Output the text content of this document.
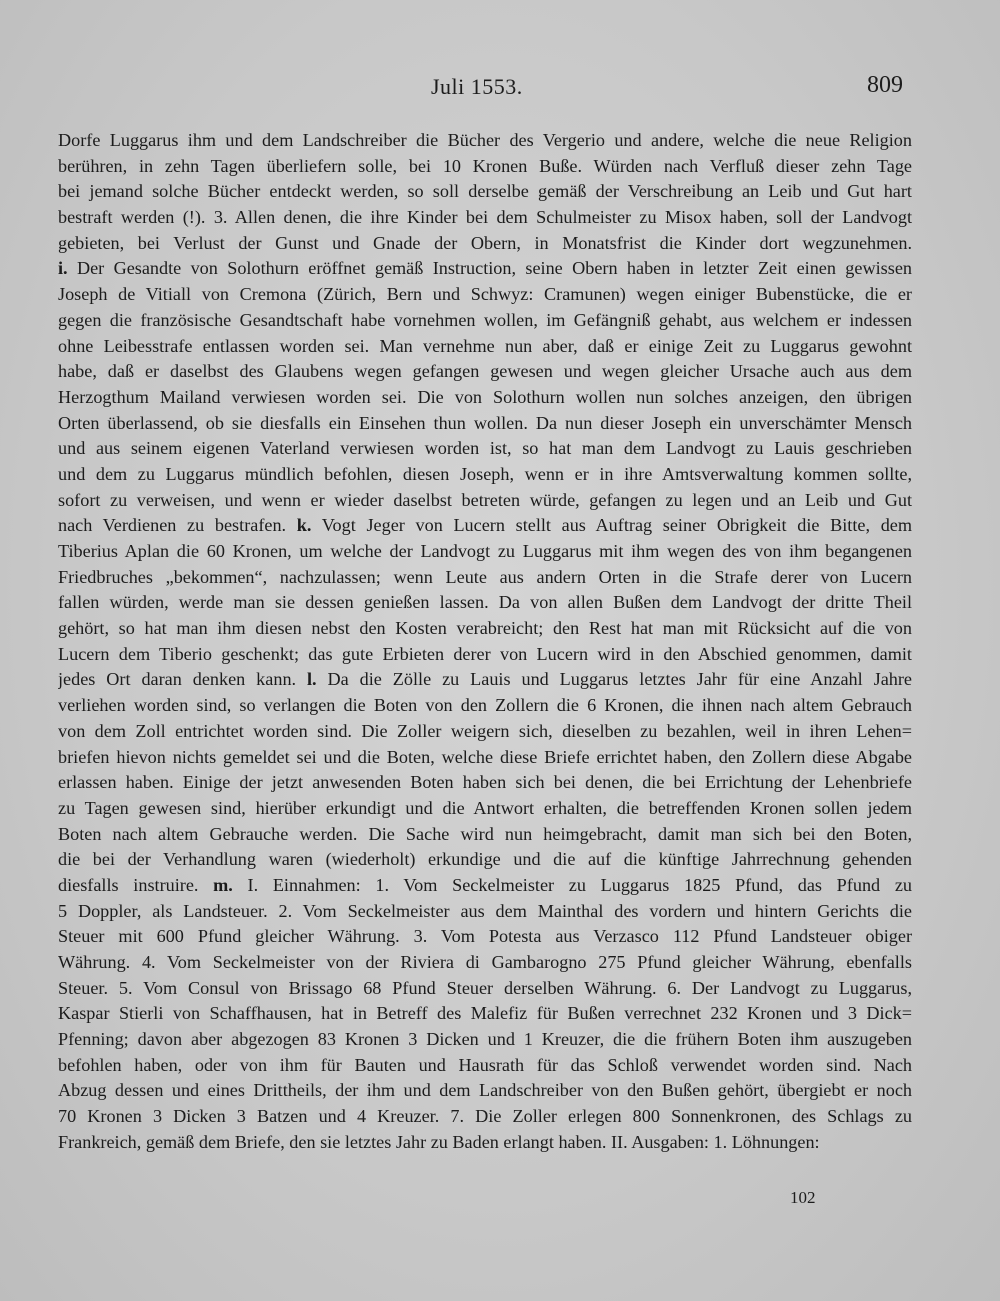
Juli 1553.	809
Dorfe Luggarus ihm und dem Landschreiber die Bücher des Vergerio und andere, welche die neue Religion
berühren, in zehn Tagen überliefern solle, bei 10 Kronen Buße. Würden nach Verfluß dieser zehn Tage
bei jemand solche Bücher entdeckt werden, so soll derselbe gemäß der Verschreibung an Leib und Gut hart
bestraft werden (!). 3. Allen denen, die ihre Kinder bei dem Schulmeister zu Misox haben, soll der Landvogt
gebieten, bei Verlust der Gunst und Gnade der Obern, in Monatsfrist die Kinder dort wegzunehmen.
i. Der Gesandte von Solothurn eröffnet gemäß Instruction, seine Obern haben in letzter Zeit einen gewissen
Joseph de Vitiall von Cremona (Zürich, Bern und Schwyz: Cramunen) wegen einiger Bubenstücke, die er
gegen die französische Gesandtschaft habe vornehmen wollen, im Gefängniß gehabt, aus welchem er indessen
ohne Leibesstrafe entlassen worden sei. Man vernehme nun aber, daß er einige Zeit zu Luggarus gewohnt
habe, daß er daselbst des Glaubens wegen gefangen gewesen und wegen gleicher Ursache auch aus dem
Herzogthum Mailand verwiesen worden sei. Die von Solothurn wollen nun solches anzeigen, den übrigen
Orten überlassend, ob sie diesfalls ein Einsehen thun wollen. Da nun dieser Joseph ein unverschämter Mensch
und aus seinem eigenen Vaterland verwiesen worden ist, so hat man dem Landvogt zu Lauis geschrieben
und dem zu Luggarus mündlich befohlen, diesen Joseph, wenn er in ihre Amtsverwaltung kommen sollte,
sofort zu verweisen, und wenn er wieder daselbst betreten würde, gefangen zu legen und an Leib und Gut
nach Verdienen zu bestrafen. k. Vogt Jeger von Lucern stellt aus Auftrag seiner Obrigkeit die Bitte, dem
Tiberius Aplan die 60 Kronen, um welche der Landvogt zu Luggarus mit ihm wegen des von ihm begangenen
Friedbruches „bekommen“, nachzulassen; wenn Leute aus andern Orten in die Strafe derer von Lucern
fallen würden, werde man sie dessen genießen lassen. Da von allen Bußen dem Landvogt der dritte Theil
gehört, so hat man ihm diesen nebst den Kosten verabreicht; den Rest hat man mit Rücksicht auf die von
Lucern dem Tiberio geschenkt; das gute Erbieten derer von Lucern wird in den Abschied genommen, damit
jedes Ort daran denken kann. l. Da die Zölle zu Lauis und Luggarus letztes Jahr für eine Anzahl Jahre
verliehen worden sind, so verlangen die Boten von den Zollern die 6 Kronen, die ihnen nach altem Gebrauch
von dem Zoll entrichtet worden sind. Die Zoller weigern sich, dieselben zu bezahlen, weil in ihren Lehen=
briefen hievon nichts gemeldet sei und die Boten, welche diese Briefe errichtet haben, den Zollern diese Abgabe
erlassen haben. Einige der jetzt anwesenden Boten haben sich bei denen, die bei Errichtung der Lehenbriefe
zu Tagen gewesen sind, hierüber erkundigt und die Antwort erhalten, die betreffenden Kronen sollen jedem
Boten nach altem Gebrauche werden. Die Sache wird nun heimgebracht, damit man sich bei den Boten,
die bei der Verhandlung waren (wiederholt) erkundige und die auf die künftige Jahrrechnung gehenden
diesfalls instruire. m. I. Einnahmen: 1. Vom Seckelmeister zu Luggarus 1825 Pfund, das Pfund zu
5 Doppler, als Landsteuer. 2. Vom Seckelmeister aus dem Mainthal des vordern und hintern Gerichts die
Steuer mit 600 Pfund gleicher Währung. 3. Vom Potesta aus Verzasco 112 Pfund Landsteuer obiger
Währung. 4. Vom Seckelmeister von der Riviera di Gambarogno 275 Pfund gleicher Währung, ebenfalls
Steuer. 5. Vom Consul von Brissago 68 Pfund Steuer derselben Währung. 6. Der Landvogt zu Luggarus,
Kaspar Stierli von Schaffhausen, hat in Betreff des Malefiz für Bußen verrechnet 232 Kronen und 3 Dick=
Pfenning; davon aber abgezogen 83 Kronen 3 Dicken und 1 Kreuzer, die die frühern Boten ihm auszugeben
befohlen haben, oder von ihm für Bauten und Hausrath für das Schloß verwendet worden sind. Nach
Abzug dessen und eines Drittheils, der ihm und dem Landschreiber von den Bußen gehört, übergiebt er noch
70 Kronen 3 Dicken 3 Batzen und 4 Kreuzer. 7. Die Zoller erlegen 800 Sonnenkronen, des Schlags zu
Frankreich, gemäß dem Briefe, den sie letztes Jahr zu Baden erlangt haben. II. Ausgaben: 1. Löhnungen:
102
